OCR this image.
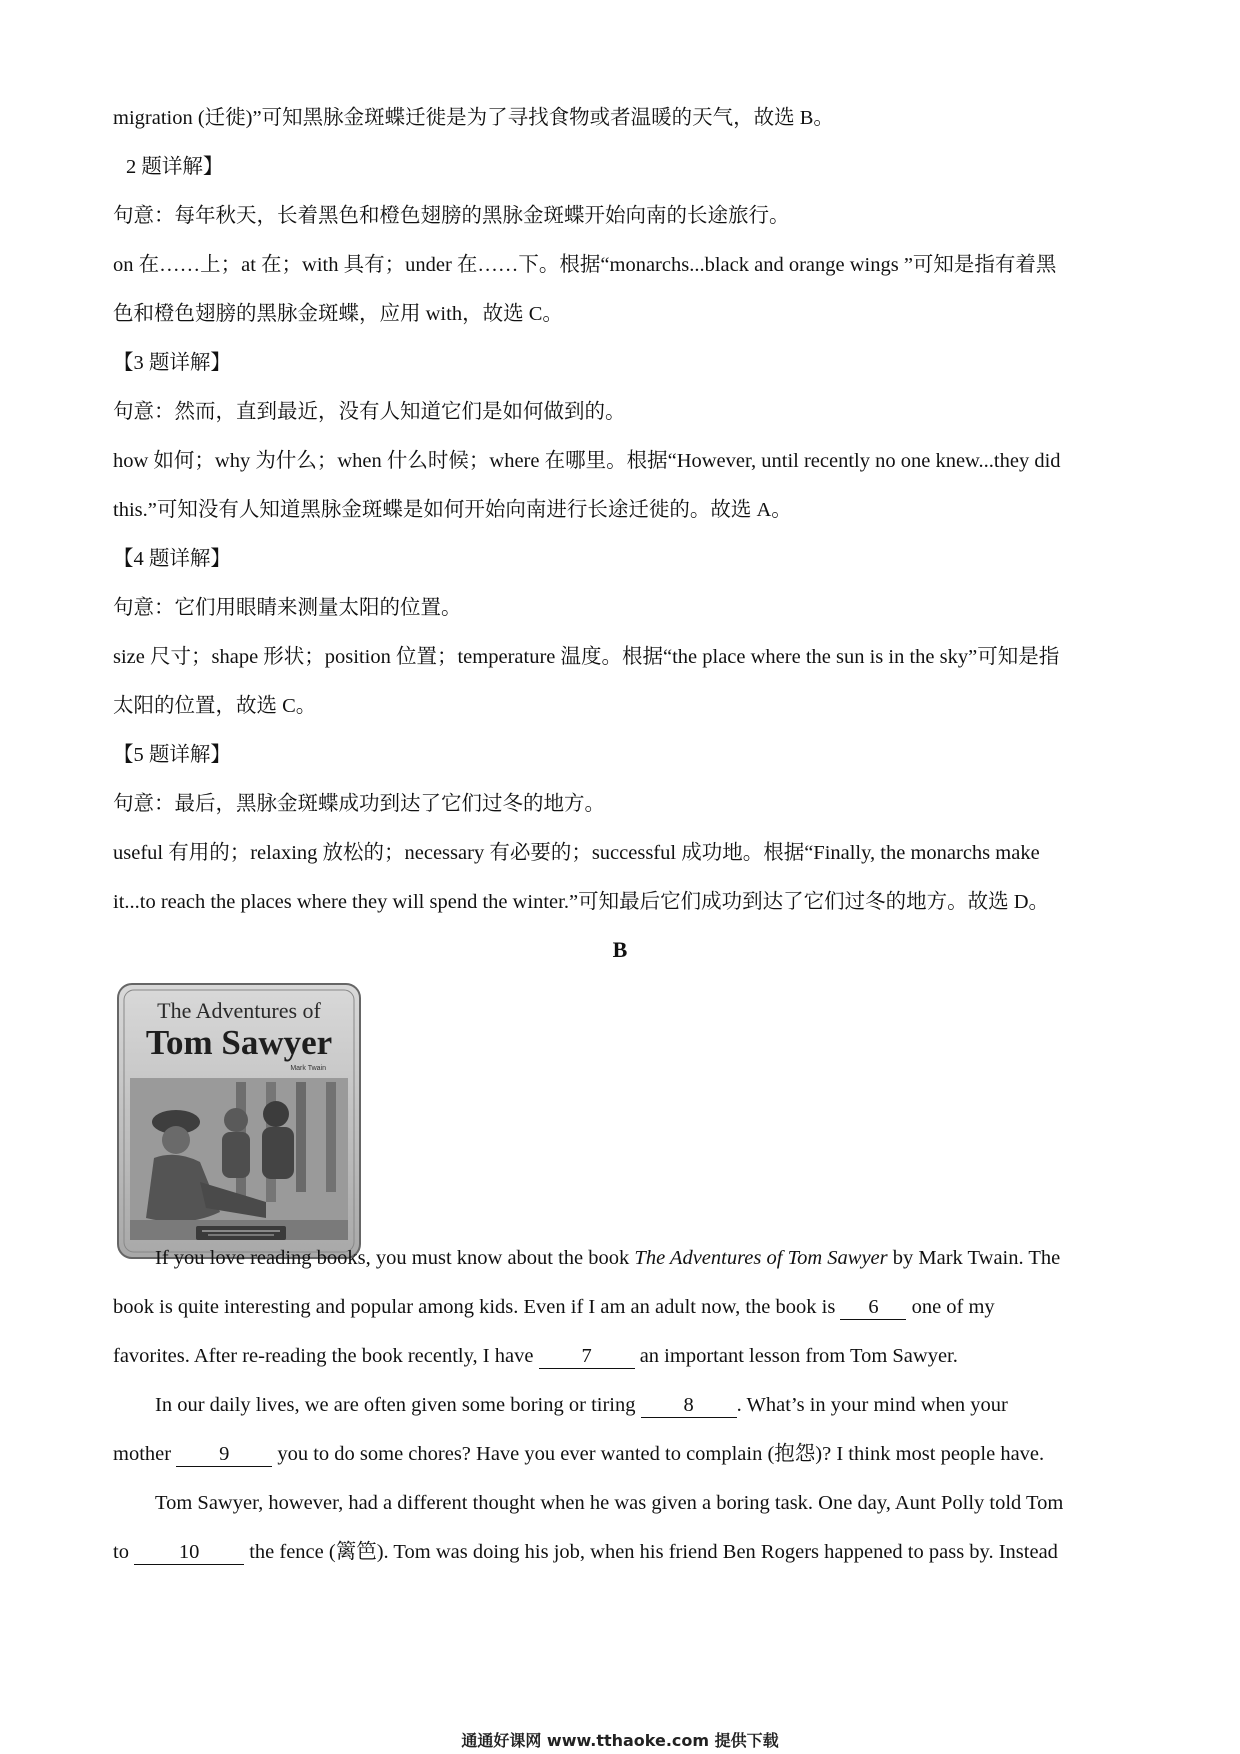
migration (迁徙)”可知黑脉金斑蝶迁徙是为了寻找食物或者温暖的天气，故选 B。
2 题详解】
句意：每年秋天，长着黑色和橙色翅膀的黑脉金斑蝶开始向南的长途旅行。
on 在……上；at 在；with 具有；under 在……下。根据“monarchs...black and orange wings ”可知是指有着黑
色和橙色翅膀的黑脉金斑蝶，应用 with，故选 C。
【3 题详解】
句意：然而，直到最近，没有人知道它们是如何做到的。
how 如何；why 为什么；when 什么时候；where 在哪里。根据“However, until recently no one knew...they did
this.”可知没有人知道黑脉金斑蝶是如何开始向南进行长途迁徙的。故选 A。
【4 题详解】
句意：它们用眼睛来测量太阳的位置。
size 尺寸；shape 形状；position 位置；temperature 温度。根据“the place where the sun is in the sky”可知是指
太阳的位置，故选 C。
【5 题详解】
句意：最后，黑脉金斑蝶成功到达了它们过冬的地方。
useful 有用的；relaxing 放松的；necessary 有必要的；successful 成功地。根据“Finally, the monarchs make
it...to reach the places where they will spend the winter.”可知最后它们成功到达了它们过冬的地方。故选 D。
B
The Adventures of
Tom Sawyer
Mark Twain
If you love reading books, you must know about the book The Adventures of Tom Sawyer by Mark Twain. The
book is quite interesting and popular among kids. Even if I am an adult now, the book is 6 one of my
favorites. After re-reading the book recently, I have 7 an important lesson from Tom Sawyer.
In our daily lives, we are often given some boring or tiring 8 . What’s in your mind when your
mother 9 you to do some chores? Have you ever wanted to complain (抱怨)? I think most people have.
Tom Sawyer, however, had a different thought when he was given a boring task. One day, Aunt Polly told Tom
to 10 the fence (篱笆). Tom was doing his job, when his friend Ben Rogers happened to pass by. Instead
通通好课网 www.tthaoke.com 提供下载
